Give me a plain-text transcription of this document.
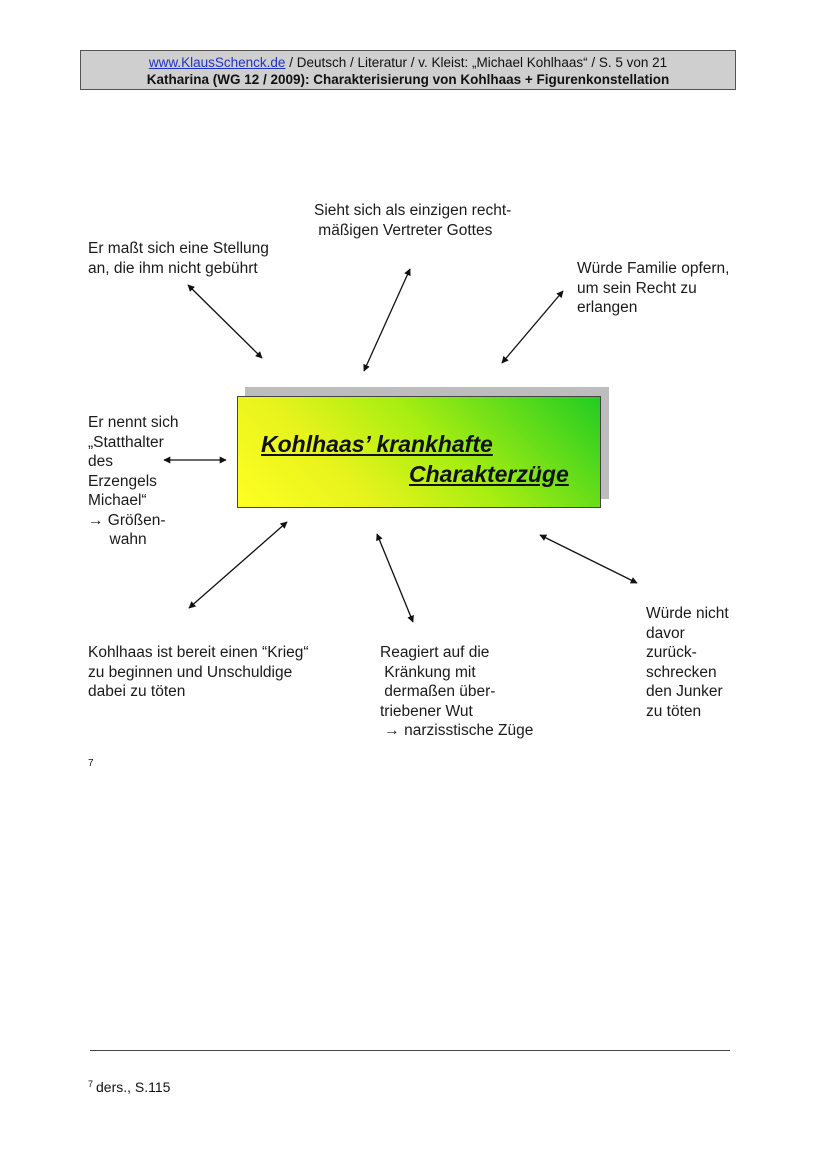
www.KlausSchenck.de / Deutsch / Literatur / v. Kleist: „Michael Kohlhaas“ / S. 5 von 21
Katharina (WG 12 / 2009): Charakterisierung von Kohlhaas + Figurenkonstellation
Er maßt sich eine Stellung
an, die ihm nicht gebührt
Sieht sich als einzigen recht-
mäßigen Vertreter Gottes
Würde Familie opfern,
um sein Recht zu
erlangen
Er nennt sich
„Statthalter
des
Erzengels
Michael“
→ Größen-
wahn
Kohlhaas ist bereit einen “Krieg“
zu beginnen und Unschuldige
dabei zu töten
Reagiert auf die
Kränkung mit
dermaßen über-
triebener Wut
→ narzisstische Züge
Würde nicht
davor
zurück-
schrecken
den Junker
zu töten
Kohlhaas’ krankhafte
Charakterzüge
7
$^7$ ders., S.115
